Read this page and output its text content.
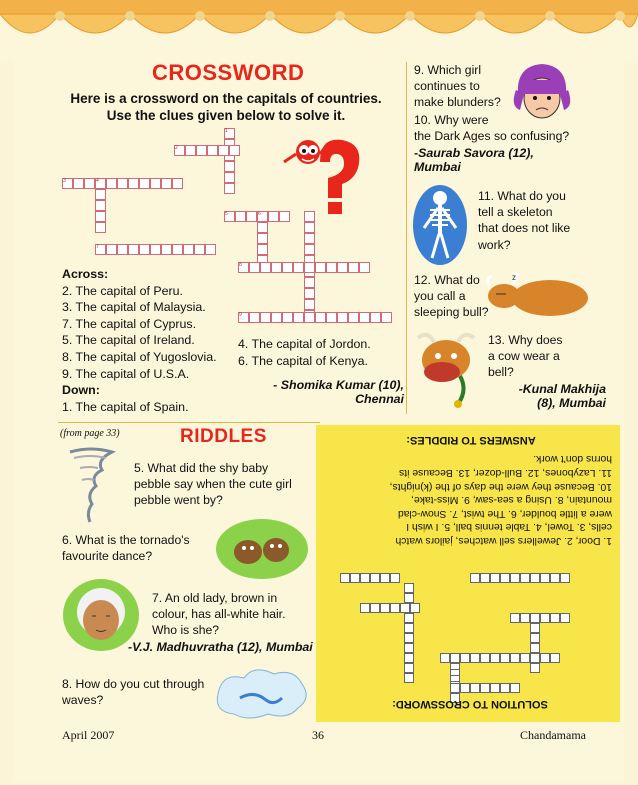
CROSSWORD
Here is a crossword on the capitals of countries.
Use the clues given below to solve it.
1
2
3	4
7
5	6
8
9
Across:
2. The capital of Peru.
3. The capital of Malaysia.
7. The capital of Cyprus.
5. The capital of Ireland.
8. The capital of Yugoslovia.
9. The capital of U.S.A.
Down:
1. The capital of Spain.
4. The capital of Jordon.
6. The capital of Kenya.
- Shomika Kumar (10),
Chennai
9. Which girl
continues to
make blunders?
10. Why were
the Dark Ages so confusing?
-Saurab Savora (12),
Mumbai
11. What do you
tell a skeleton
that does not like
work?
12. What do
you call a
sleeping bull?
z
13. Why does
a cow wear a
bell?
-Kunal Makhija
(8), Mumbai
(from page 33)	RIDDLES
5. What did the shy baby
pebble say when the cute girl
pebble went by?
6. What is the tornado's
favourite dance?
7. An old lady, brown in
colour, has all-white hair.
Who is she?
-V.J. Madhuvratha (12), Mumbai
8. How do you cut through
waves?
1. Door, 2. Jewellers sell watches, jailors watch
cells, 3. Towel, 4. Table tennis ball, 5. I wish I
were a little boulder, 6. The twist, 7. Snow-clad
mountain, 8. Using a sea-saw, 9. Miss-take,
10. Because they were the days of the (k)nights,
11. Lazybones, 12. Bull-dozer, 13. Because its
horns don't work.
ANSWERS TO RIDDLES:
SOLUTION TO CROSSWORD:
April 2007	36	Chandamama
